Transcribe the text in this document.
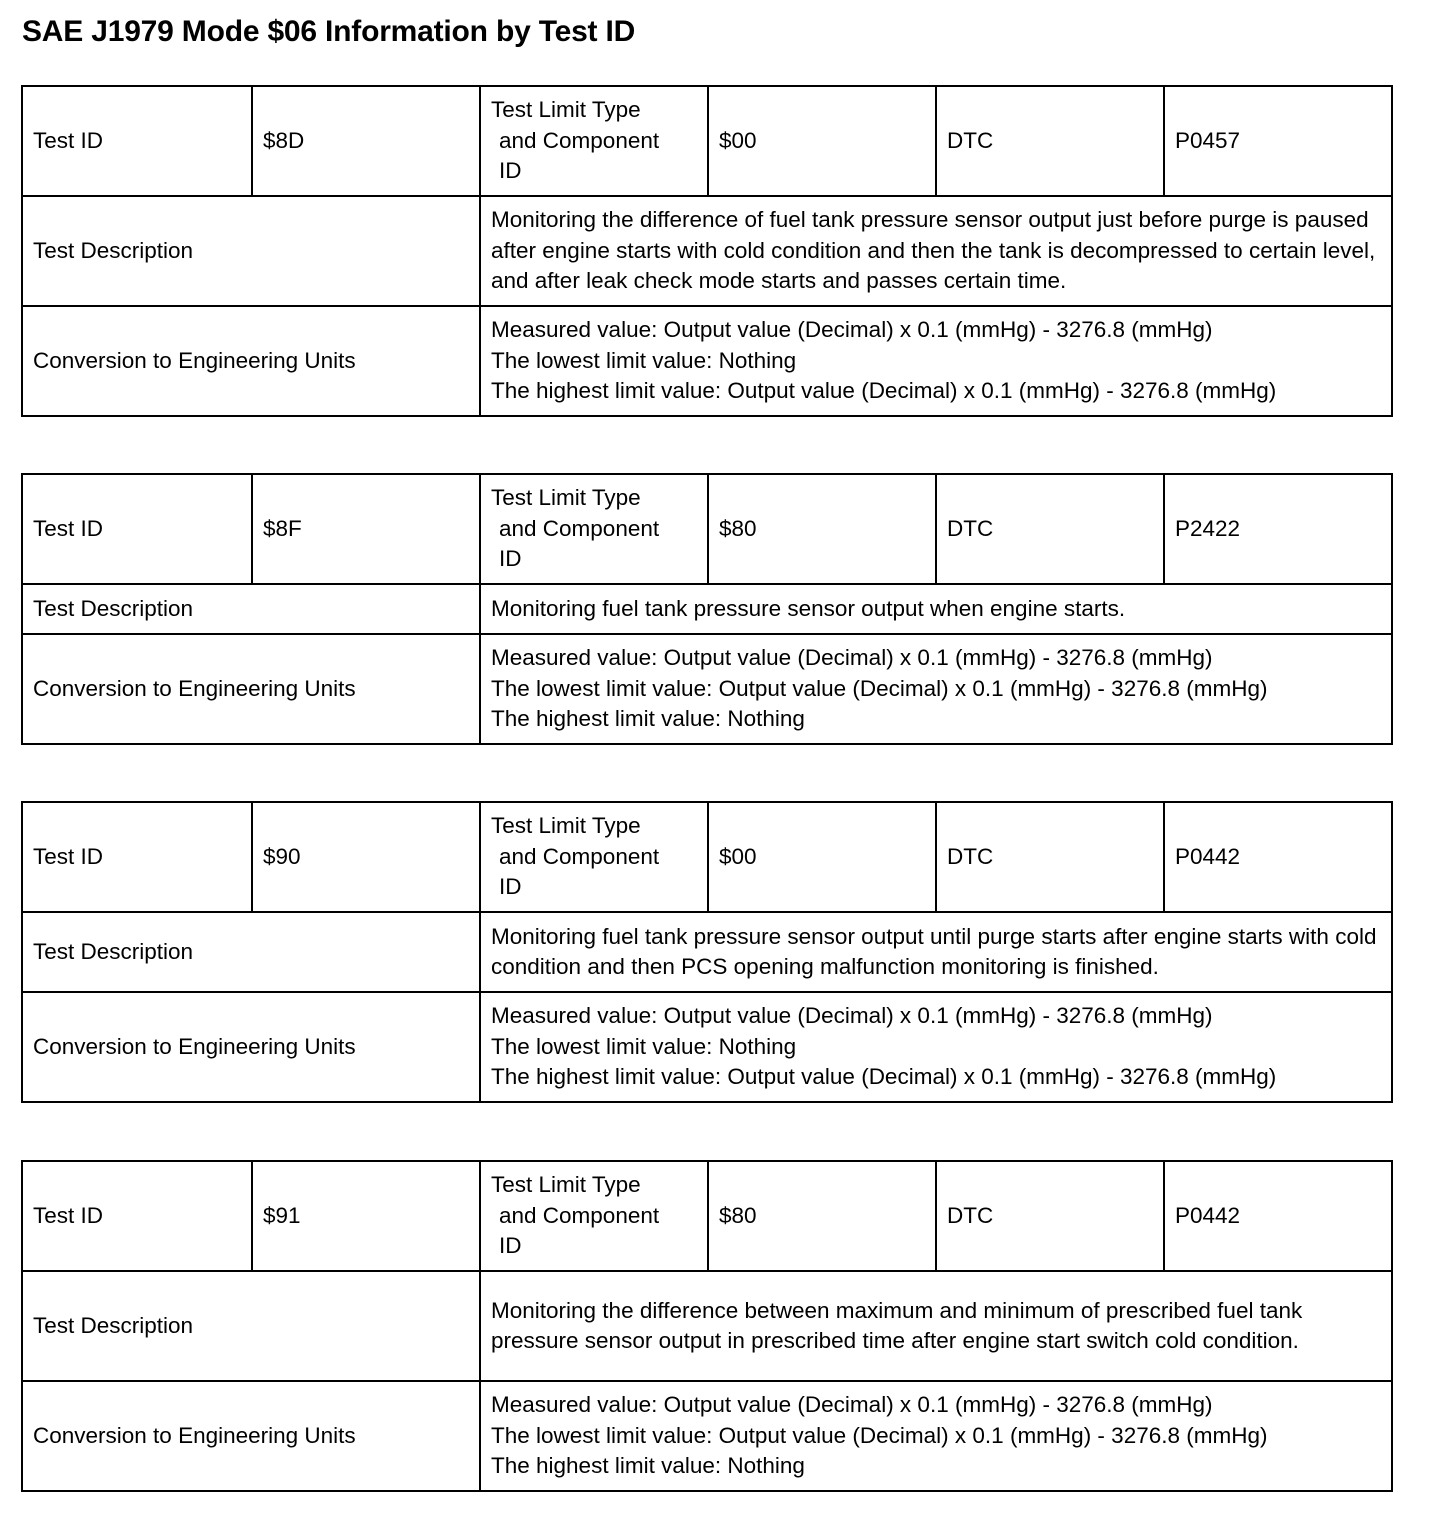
SAE J1979 Mode $06 Information by Test ID
Test ID	$8D	Test Limit Type
and Component
ID	$00	DTC	P0457
Test Description		Monitoring the difference of fuel tank pressure sensor output just before purge is paused after engine starts with cold condition and then the tank is decompressed to certain level, and after leak check mode starts and passes certain time.			

Conversion to Engineering Units		Measured value: Output value (Decimal) x 0.1 (mmHg) - 3276.8 (mmHg)
The lowest limit value: Nothing
The highest limit value: Output value (Decimal) x 0.1 (mmHg) - 3276.8 (mmHg)			
Test ID	$8F	Test Limit Type
and Component
ID	$80	DTC	P2422
Test Description		Monitoring fuel tank pressure sensor output when engine starts.			

Conversion to Engineering Units		Measured value: Output value (Decimal) x 0.1 (mmHg) - 3276.8 (mmHg)
The lowest limit value: Output value (Decimal) x 0.1 (mmHg) - 3276.8 (mmHg)
The highest limit value: Nothing			
Test ID	$90	Test Limit Type
and Component
ID	$00	DTC	P0442
Test Description		Monitoring fuel tank pressure sensor output until purge starts after engine starts with cold condition and then PCS opening malfunction monitoring is finished.			

Conversion to Engineering Units		Measured value: Output value (Decimal) x 0.1 (mmHg) - 3276.8 (mmHg)
The lowest limit value: Nothing
The highest limit value: Output value (Decimal) x 0.1 (mmHg) - 3276.8 (mmHg)			
Test ID	$91	Test Limit Type
and Component
ID	$80	DTC	P0442
Test Description		Monitoring the difference between maximum and minimum of prescribed fuel tank pressure sensor output in prescribed time after engine start switch cold condition.			

Conversion to Engineering Units		Measured value: Output value (Decimal) x 0.1 (mmHg) - 3276.8 (mmHg)
The lowest limit value: Output value (Decimal) x 0.1 (mmHg) - 3276.8 (mmHg)
The highest limit value: Nothing			
